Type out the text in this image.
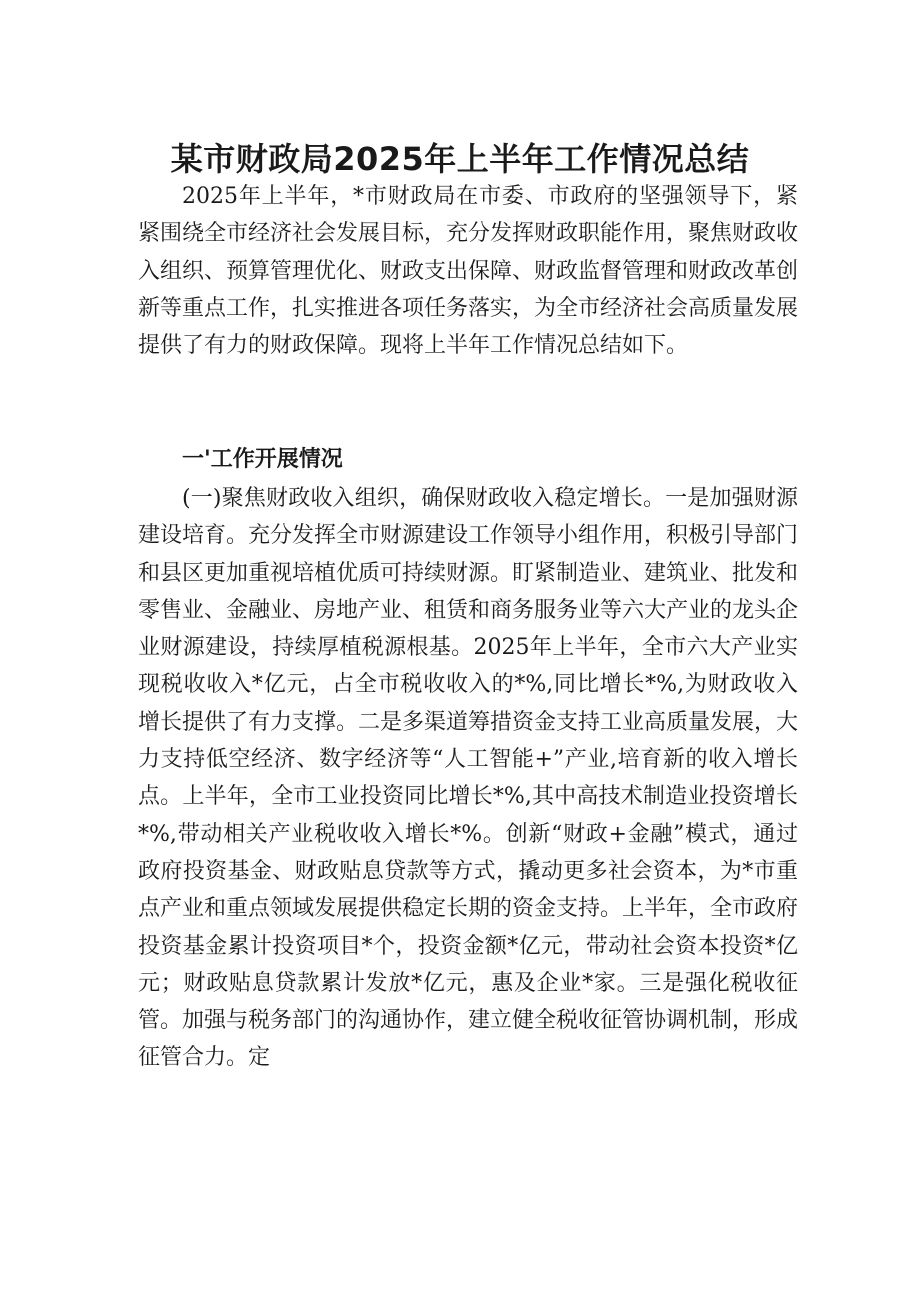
某市财政局2025年上半年工作情况总结

2025年上半年，*市财政局在市委、市政府的坚强领导下，紧紧围绕全市经济社会发展目标，充分发挥财政职能作用，聚焦财政收入组织、预算管理优化、财政支出保障、财政监督管理和财政改革创新等重点工作，扎实推进各项任务落实，为全市经济社会高质量发展提供了有力的财政保障。现将上半年工作情况总结如下。

一'工作开展情况

(一)聚焦财政收入组织，确保财政收入稳定增长。一是加强财源建设培育。充分发挥全市财源建设工作领导小组作用，积极引导部门和县区更加重视培植优质可持续财源。盯紧制造业、建筑业、批发和零售业、金融业、房地产业、租赁和商务服务业等六大产业的龙头企业财源建设，持续厚植税源根基。2025年上半年，全市六大产业实现税收收入*亿元，占全市税收收入的*%,同比增长*%,为财政收入增长提供了有力支撑。二是多渠道筹措资金支持工业高质量发展，大力支持低空经济、数字经济等“人工智能+”产业,培育新的收入增长点。上半年，全市工业投资同比增长*%,其中高技术制造业投资增长*%,带动相关产业税收收入增长*%。创新“财政+金融”模式，通过政府投资基金、财政贴息贷款等方式，撬动更多社会资本，为*市重点产业和重点领域发展提供稳定长期的资金支持。上半年，全市政府投资基金累计投资项目*个，投资金额*亿元，带动社会资本投资*亿元；财政贴息贷款累计发放*亿元，惠及企业*家。三是强化税收征管。加强与税务部门的沟通协作，建立健全税收征管协调机制，形成征管合力。定
